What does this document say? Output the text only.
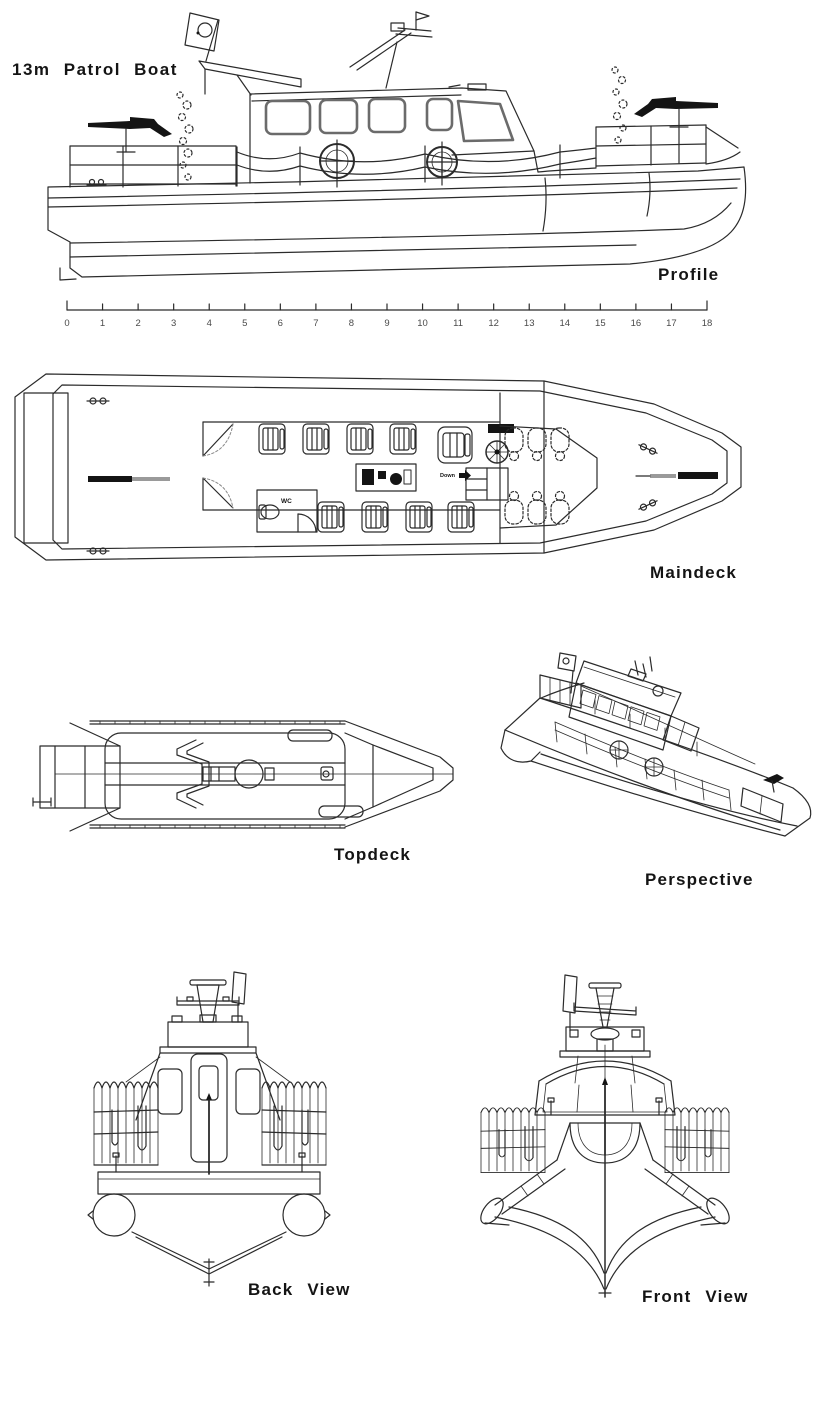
13m Patrol Boat
Profile
0	1	2	3	4	5	6	7	8	9	10	11	12	13	14	15	16	17	18
WC
Down
Maindeck
Topdeck
Perspective
Back View	Front View
